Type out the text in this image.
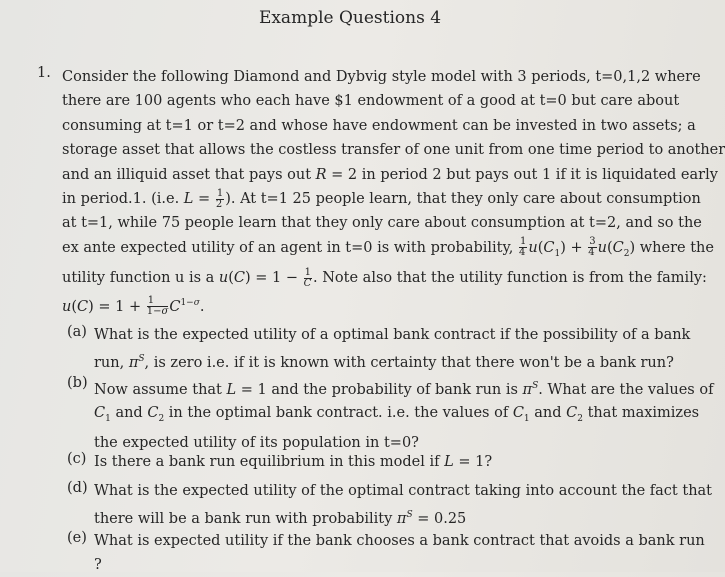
Example Questions 4
1. Consider the following Diamond and Dybvig style model with 3 periods, t=0,1,2 where
there are 100 agents who each have $1 endowment of a good at t=0 but care about
consuming at t=1 or t=2 and whose have endowment can be invested in two assets; a
storage asset that allows the costless transfer of one unit from one time period to another
and an illiquid asset that pays out R = 2 in period 2 but pays out 1 if it is liquidated early
in period.1. (i.e. $L = \frac{1}{2}$ ). At t=1 25 people learn, that they only care about consumption
at t=1, while 75 people learn that they only care about consumption at t=2, and so the
ex ante expected utility of an agent in t=0 is with probability, $\frac{1}{4} u(C_1) + \frac{3}{4} u(C_2)$ where the
utility function u is a $u(C) = 1 - \frac{1}{C}$ . Note also that the utility function is from the family:
$u(C) = 1 + \frac{1}{1-\sigma} C^{1-\sigma}$.
(a) What is the expected utility of a optimal bank contract if the possibility of a bank
run, $\pi^S$, is zero i.e. if it is known with certainty that there won't be a bank run?
(b) Now assume that L = 1 and the probability of bank run is $\pi^S$. What are the values of
$C_1$ and $C_2$ in the optimal bank contract. i.e. the values of $C_1$ and $C_2$ that maximizes
the expected utility of its population in t=0?
(c) Is there a bank run equilibrium in this model if L = 1?
(d) What is the expected utility of the optimal contract taking into account the fact that
there will be a bank run with probability $\pi^S = 0.25$
(e) What is expected utility if the bank chooses a bank contract that avoids a bank run
?
